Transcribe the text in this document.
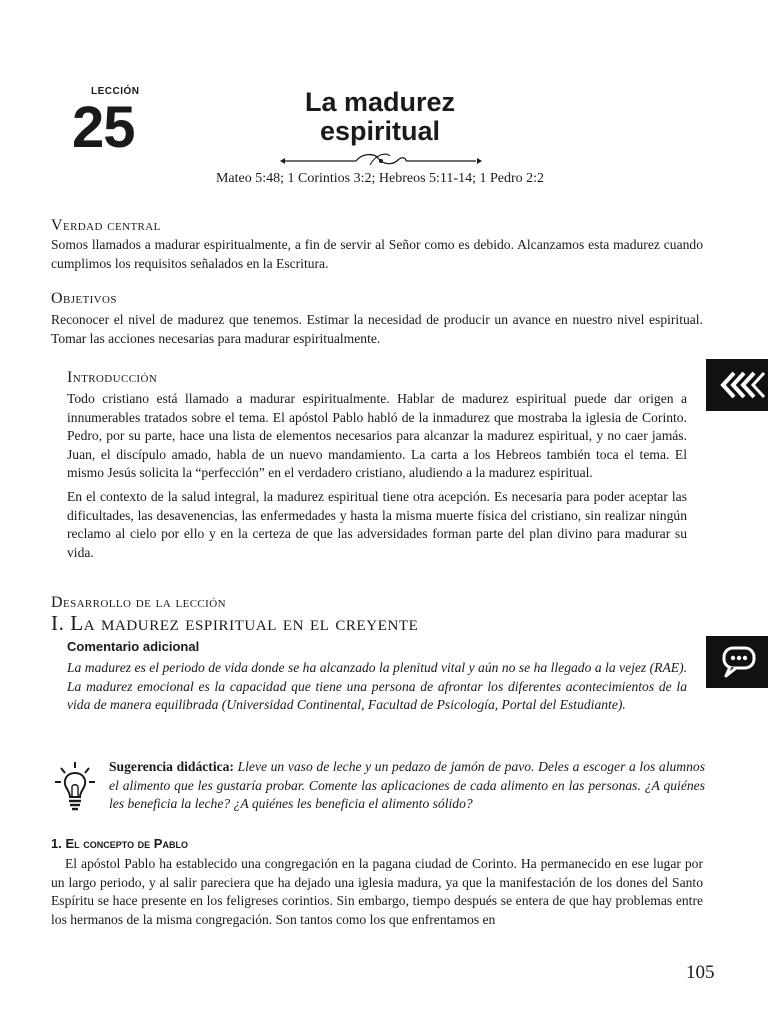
LECCIÓN
25	La madurez
espiritual
Mateo 5:48; 1 Corintios 3:2; Hebreos 5:11-14; 1 Pedro 2:2
Verdad central
Somos llamados a madurar espiritualmente, a fin de servir al Señor como es debido. Alcanzamos esta madurez cuando cumplimos los requisitos señalados en la Escritura.
Objetivos
Reconocer el nivel de madurez que tenemos. Estimar la necesidad de producir un avance en nuestro nivel espiritual. Tomar las acciones necesarias para madurar espiritualmente.
Introducción

Todo cristiano está llamado a madurar espiritualmente. Hablar de madurez espiritual puede dar origen a innumerables tratados sobre el tema. El apóstol Pablo habló de la inmadurez que mostraba la iglesia de Corinto. Pedro, por su parte, hace una lista de elementos necesarios para alcanzar la madurez espiritual, y no caer jamás. Juan, el discípulo amado, habla de un nuevo mandamiento. La carta a los Hebreos también toca el tema. El mismo Jesús solicita la “perfección” en el verdadero cristiano, aludiendo a la madurez espiritual.

En el contexto de la salud integral, la madurez espiritual tiene otra acepción. Es necesaria para poder aceptar las dificultades, las desavenencias, las enfermedades y hasta la misma muerte física del cristiano, sin realizar ningún reclamo al cielo por ello y en la certeza de que las adversidades forman parte del plan divino para madurar su vida.

Desarrollo de la lección
I. La madurez espiritual en el creyente
Comentario adicional
La madurez es el periodo de vida donde se ha alcanzado la plenitud vital y aún no se ha llegado a la vejez (RAE). La madurez emocional es la capacidad que tiene una persona de afrontar los diferentes acontecimientos de la vida de manera equilibrada (Universidad Continental, Facultad de Psicología, Portal del Estudiante).
Sugerencia didáctica: Lleve un vaso de leche y un pedazo de jamón de pavo. Deles a escoger a los alumnos el alimento que les gustaría probar. Comente las aplicaciones de cada alimento en las personas. ¿A quiénes les beneficia la leche? ¿A quiénes les beneficia el alimento sólido?
1. El concepto de Pablo
El apóstol Pablo ha establecido una congregación en la pagana ciudad de Corinto. Ha permanecido en ese lugar por un largo periodo, y al salir pareciera que ha dejado una iglesia madura, ya que la manifestación de los dones del Santo Espíritu se hace presente en los feligreses corintios. Sin embargo, tiempo después se entera de que hay problemas entre los hermanos de la misma congregación. Son tantos como los que enfrentamos en
105
